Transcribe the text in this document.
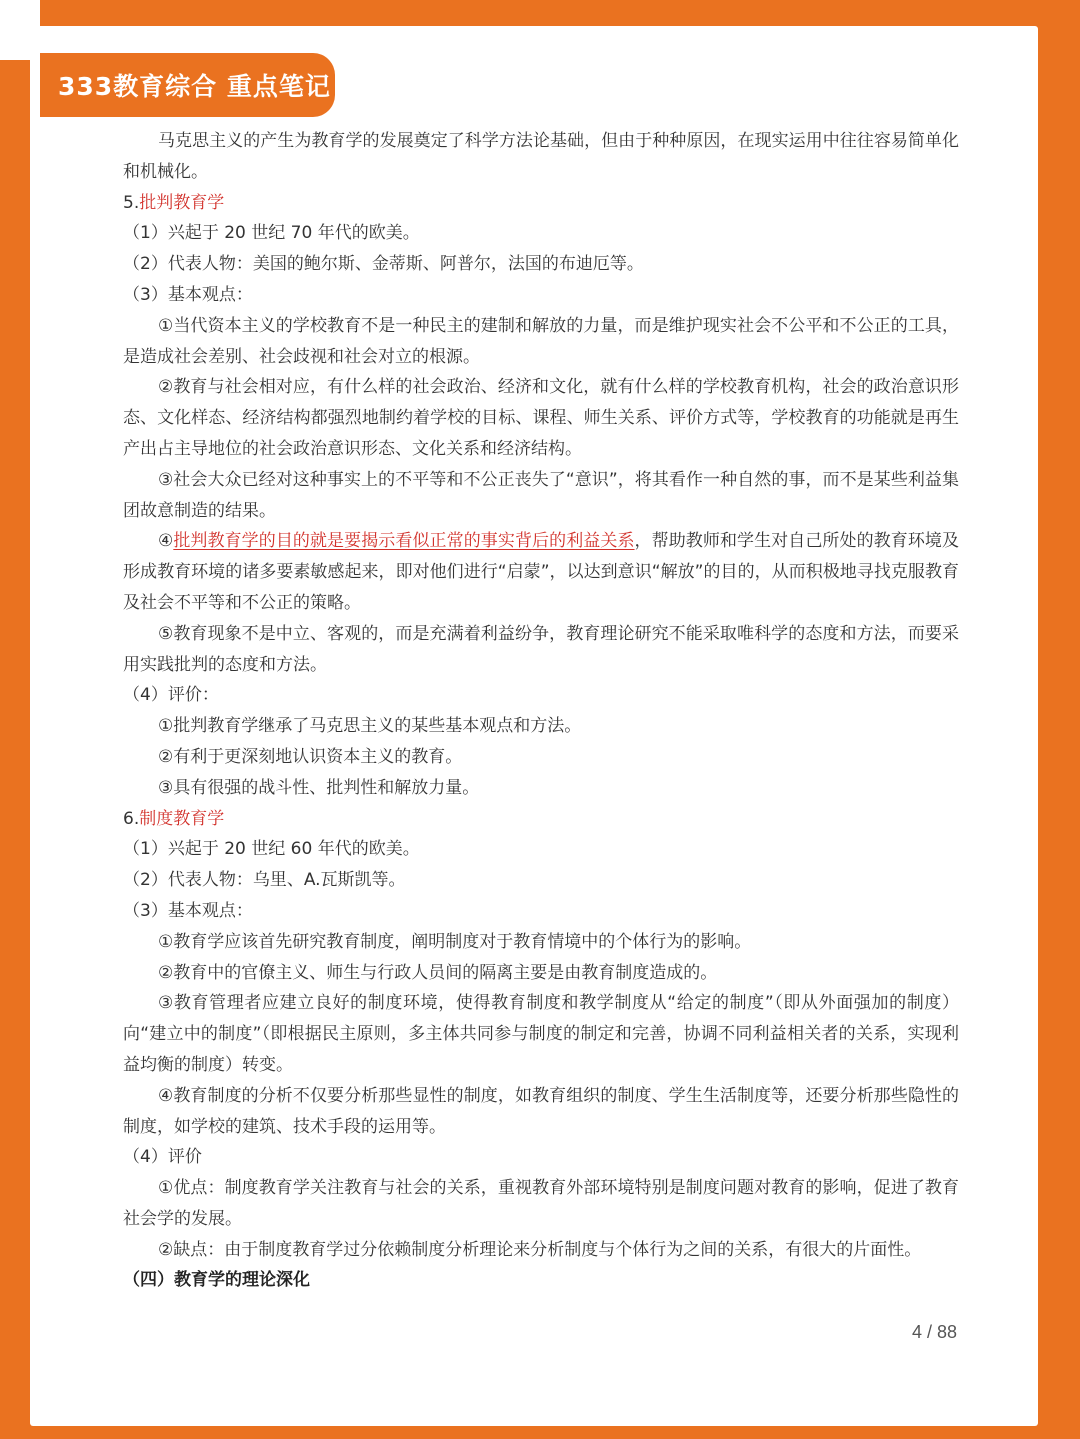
333教育综合 重点笔记

马克思主义的产生为教育学的发展奠定了科学方法论基础，但由于种种原因，在现实运用中往往容易简单化和机械化。

5.批判教育学

（1）兴起于 20 世纪 70 年代的欧美。

（2）代表人物：美国的鲍尔斯、金蒂斯、阿普尔，法国的布迪厄等。

（3）基本观点：

①当代资本主义的学校教育不是一种民主的建制和解放的力量，而是维护现实社会不公平和不公正的工具，是造成社会差别、社会歧视和社会对立的根源。

②教育与社会相对应，有什么样的社会政治、经济和文化，就有什么样的学校教育机构，社会的政治意识形态、文化样态、经济结构都强烈地制约着学校的目标、课程、师生关系、评价方式等，学校教育的功能就是再生产出占主导地位的社会政治意识形态、文化关系和经济结构。

③社会大众已经对这种事实上的不平等和不公正丧失了“意识”，将其看作一种自然的事，而不是某些利益集团故意制造的结果。

④批判教育学的目的就是要揭示看似正常的事实背后的利益关系，帮助教师和学生对自己所处的教育环境及形成教育环境的诸多要素敏感起来，即对他们进行“启蒙”，以达到意识“解放”的目的，从而积极地寻找克服教育及社会不平等和不公正的策略。

⑤教育现象不是中立、客观的，而是充满着利益纷争，教育理论研究不能采取唯科学的态度和方法，而要采用实践批判的态度和方法。

（4）评价：

①批判教育学继承了马克思主义的某些基本观点和方法。

②有利于更深刻地认识资本主义的教育。

③具有很强的战斗性、批判性和解放力量。

6.制度教育学

（1）兴起于 20 世纪 60 年代的欧美。

（2）代表人物：乌里、A.瓦斯凯等。

（3）基本观点：

①教育学应该首先研究教育制度，阐明制度对于教育情境中的个体行为的影响。

②教育中的官僚主义、师生与行政人员间的隔离主要是由教育制度造成的。

③教育管理者应建立良好的制度环境，使得教育制度和教学制度从“给定的制度”（即从外面强加的制度）向“建立中的制度”（即根据民主原则，多主体共同参与制度的制定和完善，协调不同利益相关者的关系，实现利益均衡的制度）转变。

④教育制度的分析不仅要分析那些显性的制度，如教育组织的制度、学生生活制度等，还要分析那些隐性的制度，如学校的建筑、技术手段的运用等。

（4）评价

①优点：制度教育学关注教育与社会的关系，重视教育外部环境特别是制度问题对教育的影响，促进了教育社会学的发展。

②缺点：由于制度教育学过分依赖制度分析理论来分析制度与个体行为之间的关系，有很大的片面性。

（四）教育学的理论深化

4 / 88
